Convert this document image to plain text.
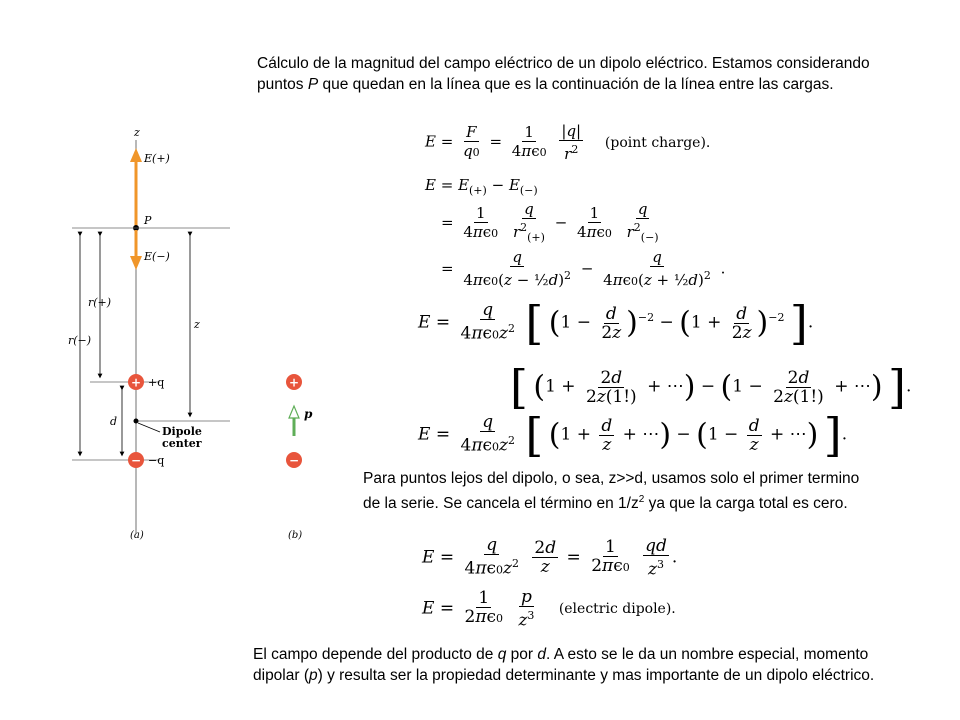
Cálculo de la magnitud del campo eléctrico de un dipolo eléctrico. Estamos considerando
puntos P que quedan en la línea que es la continuación de la línea entre las cargas.
$E = \frac{F}{q0} = \frac{1}{4\pi\epsilon 0}$
$\frac{|q|}{r^2}$ (point charge).
$E = E_{(+)} - E_{(-)}$
= $\frac{1}{4\pi\epsilon 0}$
$\frac{q}{r^2_{(+)}} - \frac{1}{4\pi\epsilon 0}$
$\frac{q}{r^2_{(-)}}$
= $\frac{q}{4\pi\epsilon 0(z - \frac{1}{2}d)^2} - \frac{q}{4\pi\epsilon 0(z + \frac{1}{2}d)^2}$ .
$E = \frac{q}{4\pi\epsilon 0z^2}$ [ $(1 - \frac{d}{2z} )^{-2} - (1 + \frac{d}{2z} )^{-2}$ ].
[ ($1 + \frac{2d}{2z(1!)}$ + ⋯) − ($1 - \frac{2d}{2z(1!)}$ + ⋯) ].
$E = \frac{q}{4\pi\epsilon 0z^2}$ [ ($1 + \frac{d}{z}$ + ⋯) − ($1 - \frac{d}{z}$ + ⋯) ].
Para puntos lejos del dipolo, o sea, z>>d, usamos solo el primer termino
de la serie. Se cancela el término en $1/z^2$ ya que la carga total es cero.
$E = \frac{q}{4\pi\epsilon 0z^2}$
$\frac{2d}{z} = \frac{1}{2\pi\epsilon 0}$
$\frac{qd}{z^3}$ .
$E = \frac{1}{2\pi\epsilon 0}$
$\frac{p}{z^3}$ (electric dipole).
El campo depende del producto de q por d. A esto se le da un nombre especial, momento
dipolar (p) y resulta ser la propiedad determinante y mas importante de un dipolo eléctrico.
z
E(+)
P
E(−)
r(+)
r(−)
z
d
+ +q
Dipole
center
− −q
(a)
+
p
−
(b)
